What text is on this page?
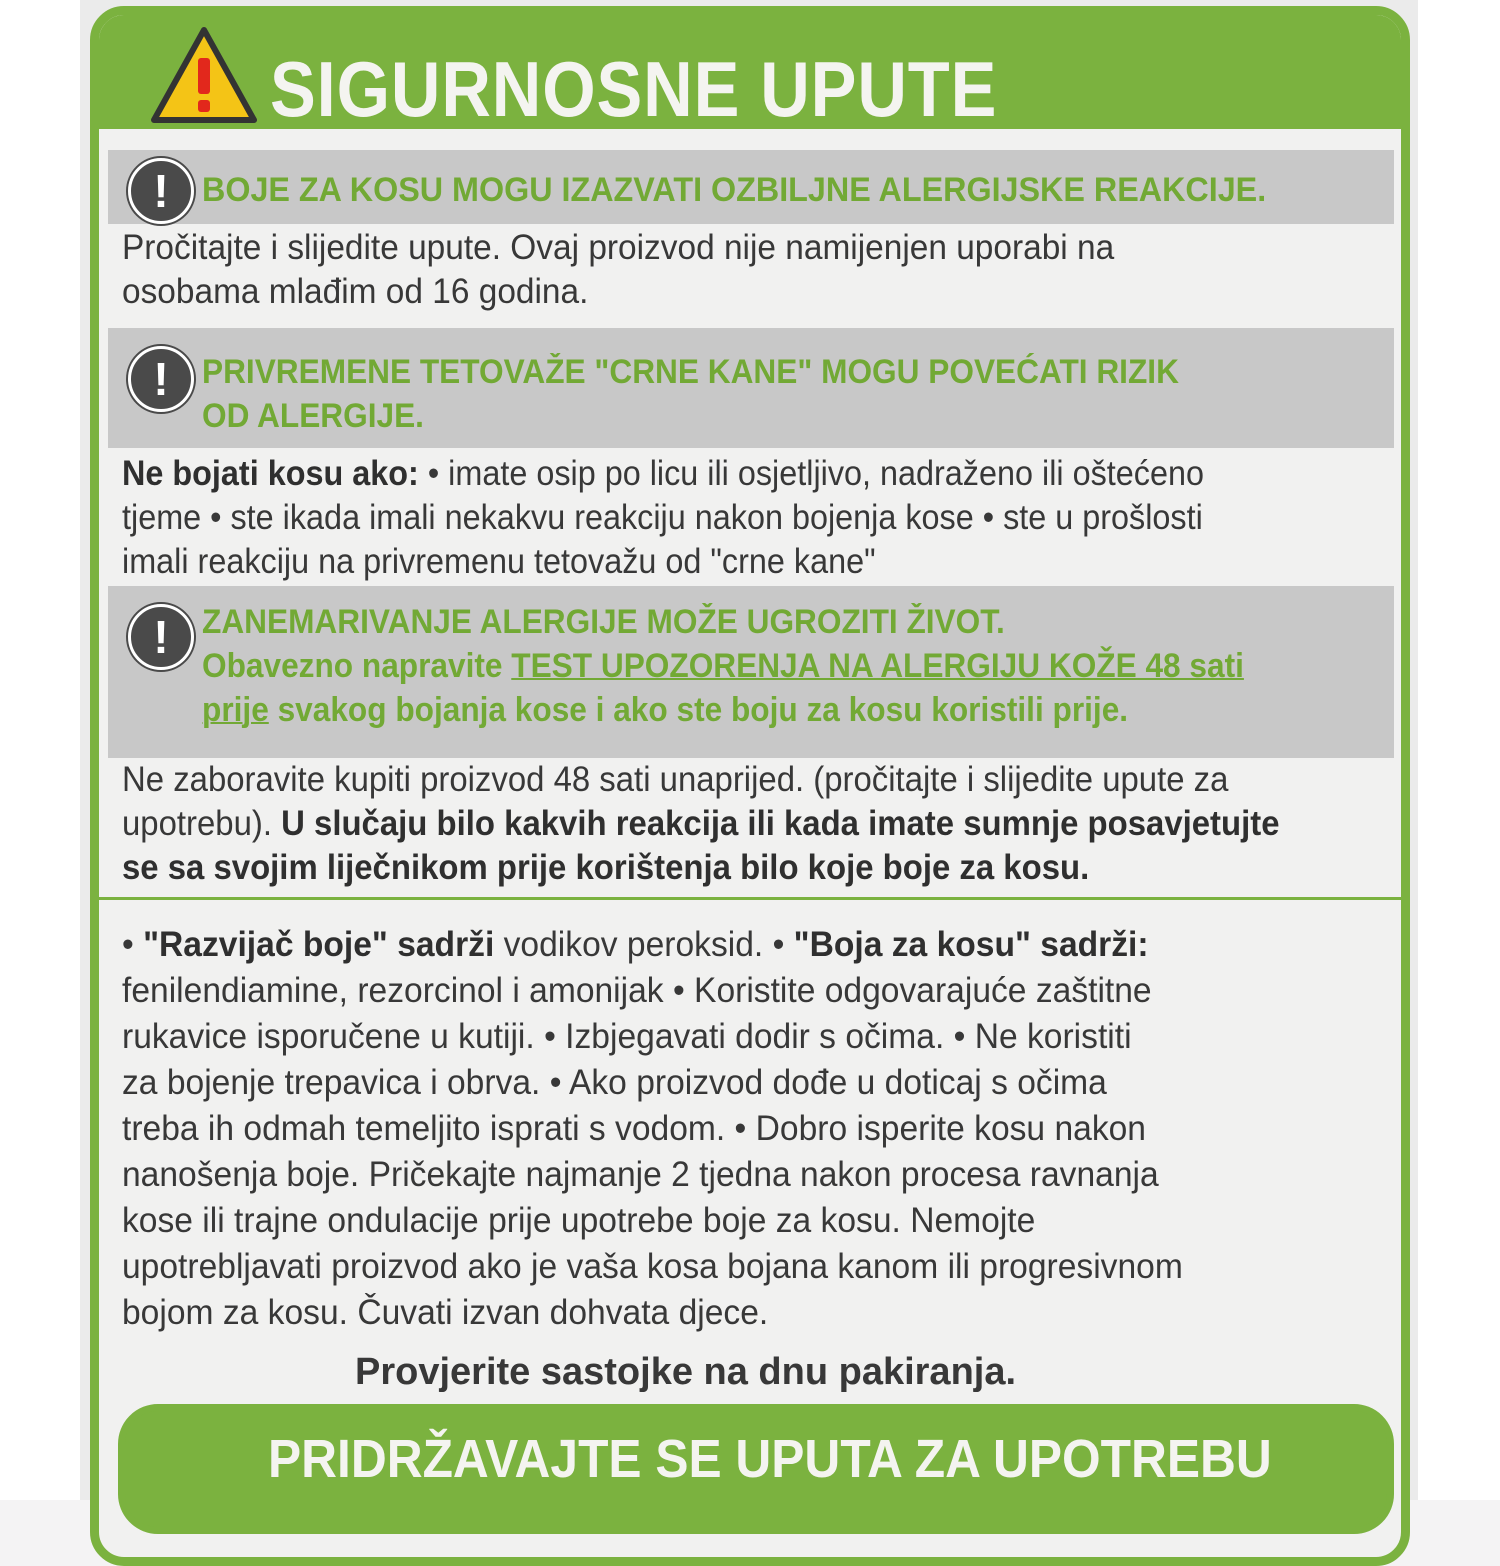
SIGURNOSNE UPUTE
! BOJE ZA KOSU MOGU IZAZVATI OZBILJNE ALERGIJSKE REAKCIJE.
Pročitajte i slijedite upute. Ovaj proizvod nije namijenjen uporabi na
osobama mlađim od 16 godina.
! PRIVREMENE TETOVAŽE "CRNE KANE" MOGU POVEĆATI RIZIK
OD ALERGIJE.
Ne bojati kosu ako: • imate osip po licu ili osjetljivo, nadraženo ili oštećeno
tjeme • ste ikada imali nekakvu reakciju nakon bojenja kose • ste u prošlosti
imali reakciju na privremenu tetovažu od "crne kane"
! ZANEMARIVANJE ALERGIJE MOŽE UGROZITI ŽIVOT.
Obavezno napravite TEST UPOZORENJA NA ALERGIJU KOŽE 48 sati
prije svakog bojanja kose i ako ste boju za kosu koristili prije.
Ne zaboravite kupiti proizvod 48 sati unaprijed. (pročitajte i slijedite upute za
upotrebu). U slučaju bilo kakvih reakcija ili kada imate sumnje posavjetujte
se sa svojim liječnikom prije korištenja bilo koje boje za kosu.
• "Razvijač boje" sadrži vodikov peroksid. • "Boja za kosu" sadrži:
fenilendiamine, rezorcinol i amonijak • Koristite odgovarajuće zaštitne
rukavice isporučene u kutiji. • Izbjegavati dodir s očima. • Ne koristiti
za bojenje trepavica i obrva. • Ako proizvod dođe u doticaj s očima
treba ih odmah temeljito isprati s vodom. • Dobro isperite kosu nakon
nanošenja boje. Pričekajte najmanje 2 tjedna nakon procesa ravnanja
kose ili trajne ondulacije prije upotrebe boje za kosu. Nemojte
upotrebljavati proizvod ako je vaša kosa bojana kanom ili progresivnom
bojom za kosu. Čuvati izvan dohvata djece.
Provjerite sastojke na dnu pakiranja.
PRIDRŽAVAJTE SE UPUTA ZA UPOTREBU
